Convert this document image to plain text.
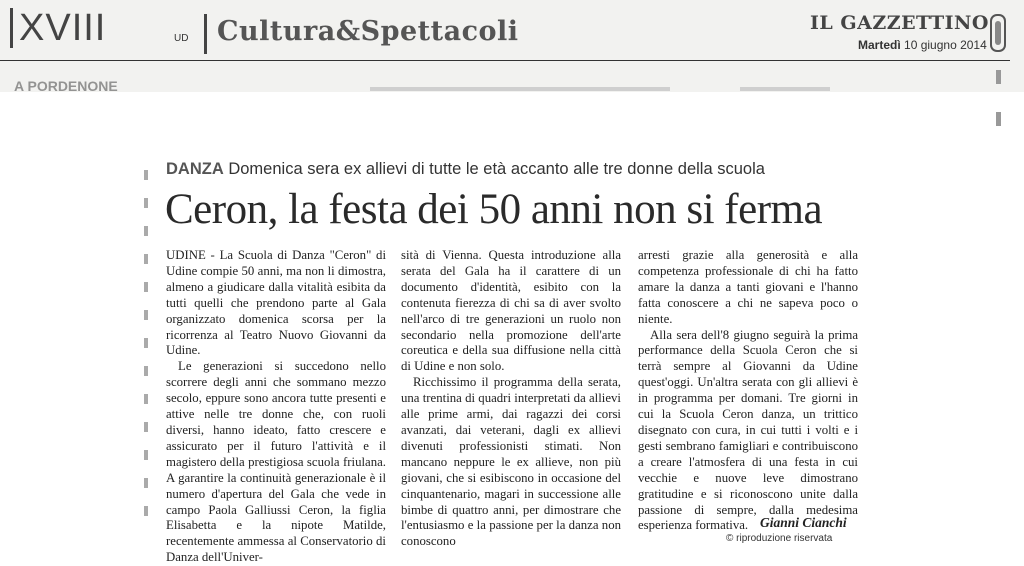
XVIII	UD Cultura&Spettacoli	IL GAZZETTINO
Martedì 10 giugno 2014
A PORDENONE
DANZA Domenica sera ex allievi di tutte le età accanto alle tre donne della scuola
Ceron, la festa dei 50 anni non si ferma

UDINE - La Scuola di Danza "Ceron" di Udine compie 50 anni, ma non li dimostra, almeno a giudicare dalla vitalità esibita da tutti quelli che prendono parte al Gala organizzato domenica scorsa per la ricorrenza al Teatro Nuovo Giovanni da Udine.

Le generazioni si succedono nello scorrere degli anni che sommano mezzo secolo, eppure sono ancora tutte presenti e attive nelle tre donne che, con ruoli diversi, hanno ideato, fatto crescere e assicurato per il futuro l'attività e il magistero della prestigiosa scuola friulana. A garantire la continuità generazionale è il numero d'apertura del Gala che vede in campo Paola Galliussi Ceron, la figlia Elisabetta e la nipote Matilde, recentemente ammessa al Conservatorio di Danza dell'Univer-

sità di Vienna. Questa introduzione alla serata del Gala ha il carattere di un documento d'identità, esibito con la contenuta fierezza di chi sa di aver svolto nell'arco di tre generazioni un ruolo non secondario nella promozione dell'arte coreutica e della sua diffusione nella città di Udine e non solo.

Ricchissimo il programma della serata, una trentina di quadri interpretati da allievi alle prime armi, dai ragazzi dei corsi avanzati, dai veterani, dagli ex allievi divenuti professionisti stimati. Non mancano neppure le ex allieve, non più giovani, che si esibiscono in occasione del cinquantenario, magari in successione alle bimbe di quattro anni, per dimostrare che l'entusiasmo e la passione per la danza non conoscono

arresti grazie alla generosità e alla competenza professionale di chi ha fatto amare la danza a tanti giovani e l'hanno fatta conoscere a chi ne sapeva poco o niente.

Alla sera dell'8 giugno seguirà la prima performance della Scuola Ceron che si terrà sempre al Giovanni da Udine quest'oggi. Un'altra serata con gli allievi è in programma per domani. Tre giorni in cui la Scuola Ceron danza, un trittico disegnato con cura, in cui tutti i volti e i gesti sembrano famigliari e contribuiscono a creare l'atmosfera di una festa in cui vecchie e nuove leve dimostrano gratitudine e si riconoscono unite dalla passione di sempre, dalla medesima esperienza formativa. Gianni Cianchi
© riproduzione riservata
